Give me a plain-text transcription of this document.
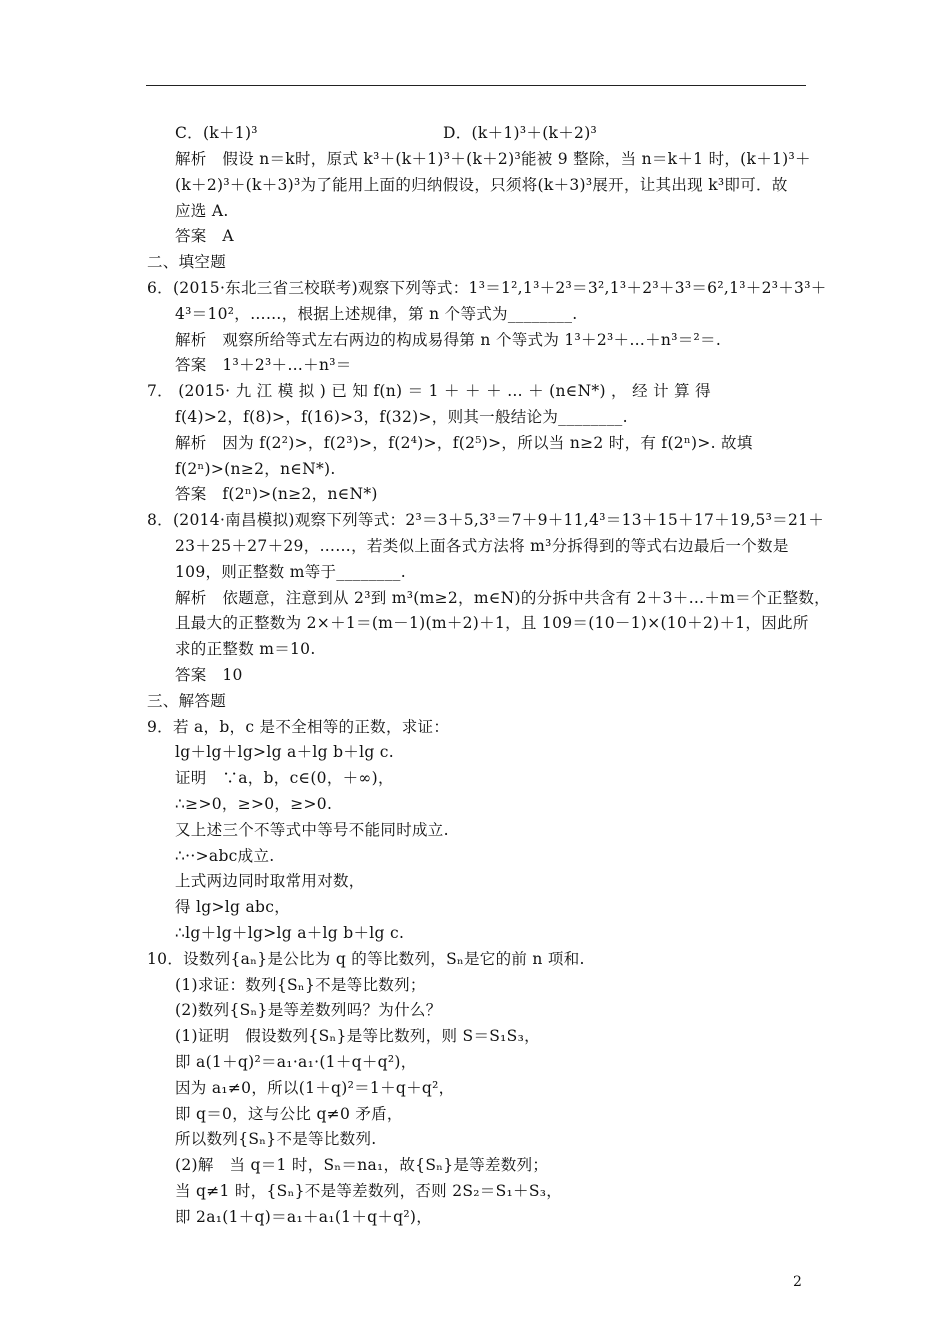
C．(k＋1)³	D．(k＋1)³＋(k＋2)³
解析　假设 n＝k时，原式 k³＋(k＋1)³＋(k＋2)³能被 9 整除，当 n＝k＋1 时，(k＋1)³＋
(k＋2)³＋(k＋3)³为了能用上面的归纳假设，只须将(k＋3)³展开，让其出现 k³即可．故
应选 A.
答案　A
二、填空题
6．(2015·东北三省三校联考)观察下列等式：1³＝1²,1³＋2³＝3²,1³＋2³＋3³＝6²,1³＋2³＋3³＋
4³＝10²，……，根据上述规律，第 n 个等式为________.
解析　观察所给等式左右两边的构成易得第 n 个等式为 1³＋2³＋…＋n³＝²＝.
答案　1³＋2³＋…＋n³＝
7． (2015· 九 江 模 拟 ) 已 知 f(n) ＝ 1 ＋ ＋ ＋ … ＋ (n∈N*) ， 经 计 算 得
f(4)>2，f(8)>，f(16)>3，f(32)>，则其一般结论为________.
解析　因为 f(2²)>，f(2³)>，f(2⁴)>，f(2⁵)>，所以当 n≥2 时，有 f(2ⁿ)>. 故填
f(2ⁿ)>(n≥2，n∈N*).
答案　f(2ⁿ)>(n≥2，n∈N*)
8．(2014·南昌模拟)观察下列等式：2³＝3＋5,3³＝7＋9＋11,4³＝13＋15＋17＋19,5³＝21＋
23＋25＋27＋29，……，若类似上面各式方法将 m³分拆得到的等式右边最后一个数是
109，则正整数 m等于________.
解析　依题意，注意到从 2³到 m³(m≥2，m∈N)的分拆中共含有 2＋3＋…＋m＝个正整数，
且最大的正整数为 2×＋1＝(m－1)(m＋2)＋1，且 109＝(10－1)×(10＋2)＋1，因此所
求的正整数 m＝10.
答案　10
三、解答题
9．若 a，b，c 是不全相等的正数，求证：
lg＋lg＋lg>lg a＋lg b＋lg c.
证明　∵a，b，c∈(0，＋∞)，
∴≥>0，≥>0，≥>0.
又上述三个不等式中等号不能同时成立.
∴··>abc成立.
上式两边同时取常用对数，
得 lg>lg abc，
∴lg＋lg＋lg>lg a＋lg b＋lg c.
10．设数列{aₙ}是公比为 q 的等比数列，Sₙ是它的前 n 项和.
(1)求证：数列{Sₙ}不是等比数列；
(2)数列{Sₙ}是等差数列吗？为什么？
(1)证明　假设数列{Sₙ}是等比数列，则 S＝S₁S₃，
即 a(1＋q)²＝a₁·a₁·(1＋q＋q²)，
因为 a₁≠0，所以(1＋q)²＝1＋q＋q²，
即 q＝0，这与公比 q≠0 矛盾，
所以数列{Sₙ}不是等比数列.
(2)解　当 q＝1 时，Sₙ＝na₁，故{Sₙ}是等差数列；
当 q≠1 时，{Sₙ}不是等差数列，否则 2S₂＝S₁＋S₃，
即 2a₁(1＋q)＝a₁＋a₁(1＋q＋q²)，
2
